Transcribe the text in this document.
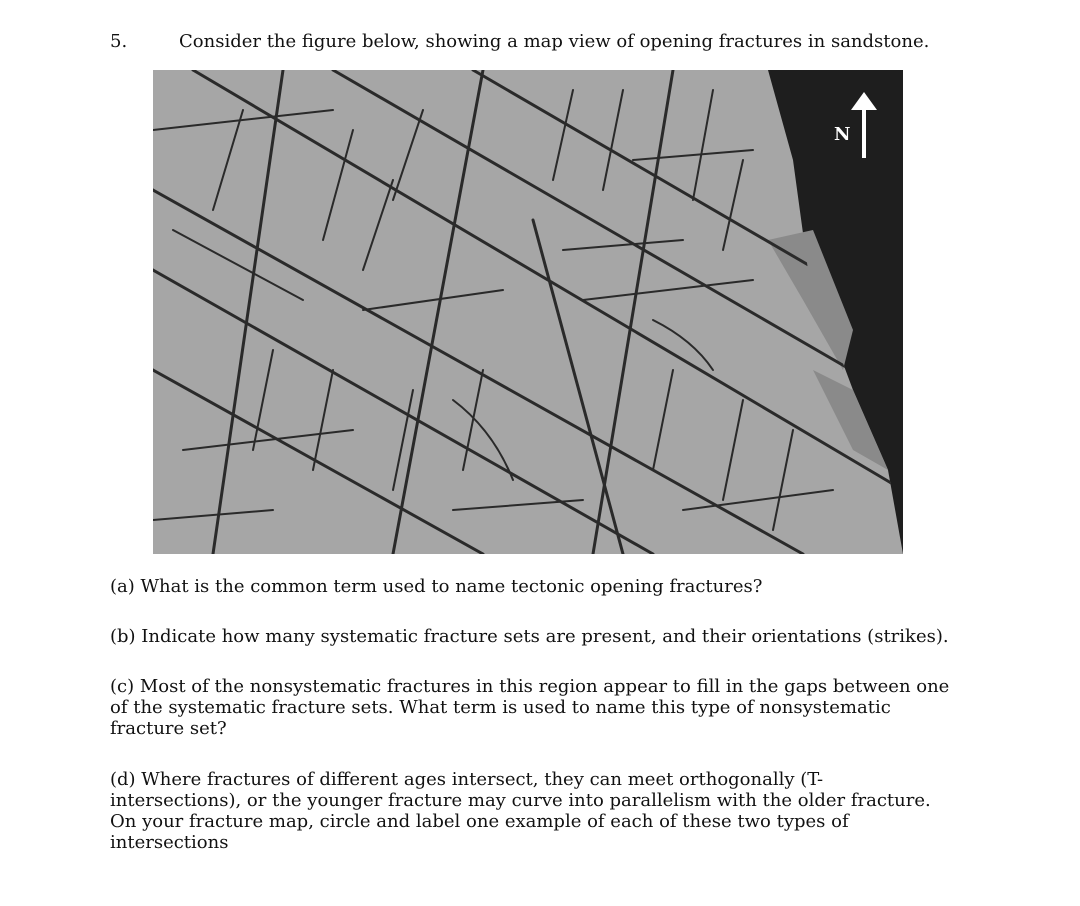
5.	Consider the figure below, showing a map view of opening fractures in sandstone.
N

(a) What is the common term used to name tectonic opening fractures?

(b) Indicate how many systematic fracture sets are present, and their orientations (strikes).

(c) Most of the nonsystematic fractures in this region appear to fill in the gaps between one of the systematic fracture sets. What term is used to name this type of nonsystematic fracture set?

(d) Where fractures of different ages intersect, they can meet orthogonally (T-intersections), or the younger fracture may curve into parallelism with the older fracture. On your fracture map, circle and label one example of each of these two types of intersections
